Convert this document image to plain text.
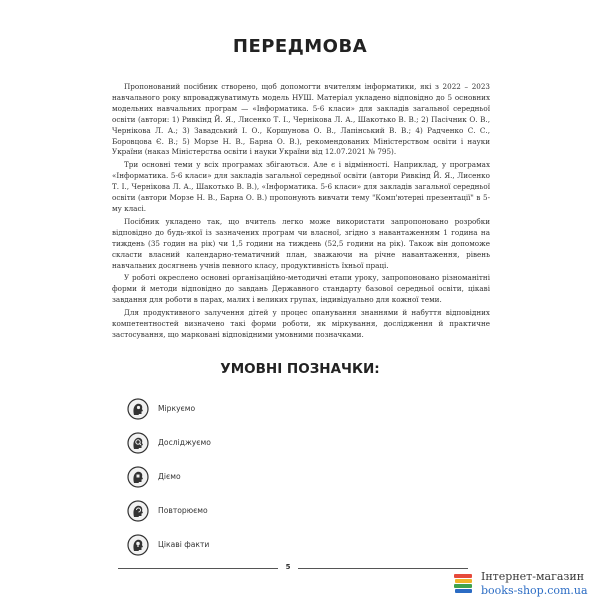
ПЕРЕДМОВА

Пропонований посібник створено, щоб допомогти вчителям інформатики, які з 2022 – 2023 навчального року впроваджуватимуть модель НУШ. Матеріал укладено відповідно до 5 основних модельних навчальних програм — «Інформатика. 5-6 класи» для закладів загальної середньої освіти (автори: 1) Ривкінд Й. Я., Лисенко Т. І., Чернікова Л. А., Шакотько В. В.; 2) Пасічник О. В., Чернікова Л. А.; 3) Завадський І. О., Коршунова О. В., Лапінський В. В.; 4) Радченко С. С., Боровцова Є. В.; 5) Морзе Н. В., Барна О. В.), рекомендованих Міністерством освіти і науки України (наказ Міністерства освіти і науки України від 12.07.2021 № 795).

Три основні теми у всіх програмах збігаються. Але є і відмінності. Наприклад, у програмах «Інформатика. 5-6 класи» для закладів загальної середньої освіти (автори Ривкінд Й. Я., Лисенко Т. І., Чернікова Л. А., Шакотько В. В.), «Інформатика. 5-6 класи» для закладів загальної середньої освіти (автори Морзе Н. В., Барна О. В.) пропонують вивчати тему "Комп'ютерні презентації" в 5-му класі.

Посібник укладено так, що вчитель легко може використати запропоновано розробки відповідно до будь-якої із зазначених програм чи власної, згідно з навантаженням 1 година на тиждень (35 годин на рік) чи 1,5 години на тиждень (52,5 години на рік). Також він допоможе скласти власний календарно-тематичний план, зважаючи на річне навантаження, рівень навчальних досягнень учнів певного класу, продуктивність їхньої праці.

У роботі окреслено основні організаційно-методичні етапи уроку, запропоновано різноманітні форми й методи відповідно до завдань Державного стандарту базової середньої освіти, цікаві завдання для роботи в парах, малих і великих групах, індивідуально для кожної теми.

Для продуктивного залучення дітей у процес опанування знаннями й набуття відповідних компетентностей визначено такі форми роботи, як міркування, дослідження й практичне застосування, що марковані відповідними умовними позначками.

УМОВНІ ПОЗНАЧКИ:
Міркуємо
Досліджуємо
Діємо
Повторюємо
Цікаві факти
5
Інтернет-магазин
books-shop.com.ua
